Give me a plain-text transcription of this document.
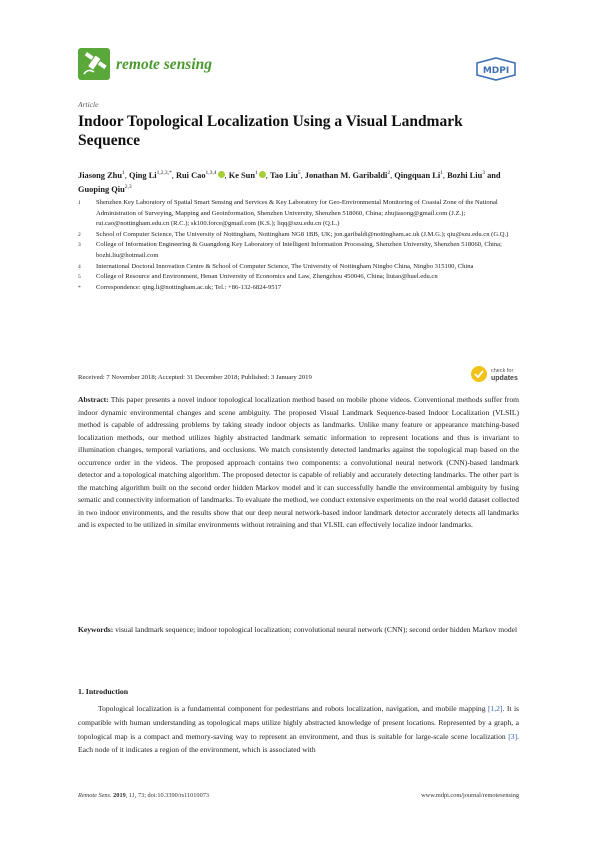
remote sensing	MDPI
Article
Indoor Topological Localization Using a Visual Landmark Sequence
Jiasong Zhu$^1$, Qing $Li^{1,2,3,*}$, Rui Cao$^{1,3,4}$ , Ke Sun$^1$ , Tao Liu$^5$, Jonathan M. Garibaldi$^2$, Qingquan Li$^1$, Bozhi Liu$^3$ and Guoping Qiu$^{2,3}$
1	Shenzhen Key Laboratory of Spatial Smart Sensing and Services & Key Laboratory for Geo-Environmental Monitoring of Coastal Zone of the National Administration of Surveying, Mapping and Geoinformation, Shenzhen University, Shenzhen 518060, China; zhujiasong@gmail.com (J.Z.); rui.cao@nottingham.edu.cn (R.C.); sk100.force@gmail.com (K.S.); liqq@szu.edu.cn (Q.L.)
2	School of Computer Science, The University of Nottingham, Nottingham NG8 1BB, UK; jon.garibaldi@nottingham.ac.uk (J.M.G.); qiu@szu.edu.cn (G.Q.)
3	College of Information Engineering & Guangdong Key Laboratory of Intelligent Information Processing, Shenzhen University, Shenzhen 518060, China; bozhi.liu@hotmail.com
4	International Doctoral Innovation Centre & School of Computer Science, The University of Nottingham Ningbo China, Ningbo 315100, China
5	College of Resource and Environment, Henan University of Economics and Law, Zhengzhou 450046, China; liutao@huel.edu.cn
*	Correspondence: qing.li@nottingham.ac.uk; Tel.: +86-132-6824-9517
Received: 7 November 2018; Accepted: 31 December 2018; Published: 3 January 2019
check for
updates
Abstract: This paper presents a novel indoor topological localization method based on mobile phone videos. Conventional methods suffer from indoor dynamic environmental changes and scene ambiguity. The proposed Visual Landmark Sequence-based Indoor Localization (VLSIL) method is capable of addressing problems by taking steady indoor objects as landmarks. Unlike many feature or appearance matching-based localization methods, our method utilizes highly abstracted landmark sematic information to represent locations and thus is invariant to illumination changes, temporal variations, and occlusions. We match consistently detected landmarks against the topological map based on the occurrence order in the videos. The proposed approach contains two components: a convolutional neural network (CNN)-based landmark detector and a topological matching algorithm. The proposed detector is capable of reliably and accurately detecting landmarks. The other part is the matching algorithm built on the second order hidden Markov model and it can successfully handle the environmental ambiguity by fusing sematic and connectivity information of landmarks. To evaluate the method, we conduct extensive experiments on the real world dataset collected in two indoor environments, and the results show that our deep neural network-based indoor landmark detector accurately detects all landmarks and is expected to be utilized in similar environments without retraining and that VLSIL can effectively localize indoor landmarks.
Keywords: visual landmark sequence; indoor topological localization; convolutional neural network (CNN); second order hidden Markov model
1. Introduction
Topological localization is a fundamental component for pedestrians and robots localization, navigation, and mobile mapping [1,2]. It is compatible with human understanding as topological maps utilize highly abstracted knowledge of present locations. Represented by a graph, a topological map is a compact and memory-saving way to represent an environment, and thus is suitable for large-scale scene localization [3]. Each node of it indicates a region of the environment, which is associated with
Remote Sens. 2019, 11, 73; doi:10.3390/rs11010073	www.mdpi.com/journal/remotesensing
